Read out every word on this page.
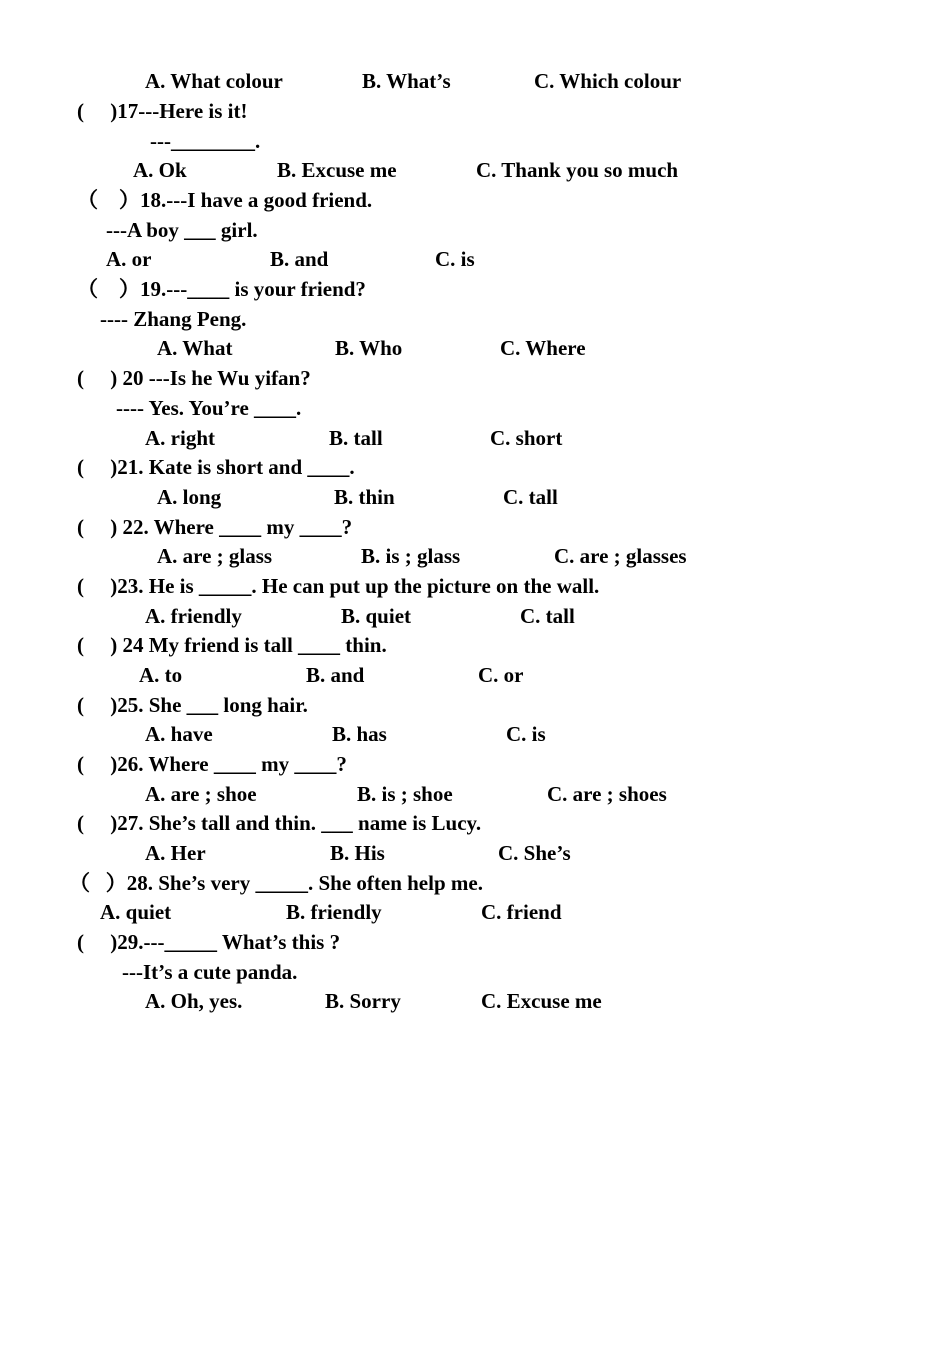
A. What colour	B. What’s	C. Which colour
(     )17---Here is it!
---________.
A. Ok	B. Excuse me	C. Thank you so much
（    ）18.---I have a good friend.
---A boy ___ girl.
A. or	B. and	C. is
（    ）19.---____ is your friend?
---- Zhang Peng.
A. What	B. Who	C. Where
(     ) 20 ---Is he Wu yifan?
---- Yes. You’re ____.
A. right	B. tall	C. short
(     )21. Kate is short and ____.
A. long	B. thin	C. tall
(     ) 22. Where ____ my ____?
A. are ; glass	B. is ; glass	C. are ; glasses
(     )23. He is _____. He can put up the picture on the wall.
A. friendly	B. quiet	C. tall
(     ) 24 My friend is tall ____ thin.
A. to	B. and	C. or
(     )25. She ___ long hair.
A. have	B. has	C. is
(     )26. Where ____ my ____?
A. are ; shoe	B. is ; shoe	C. are ; shoes
(     )27. She’s tall and thin. ___ name is Lucy.
A. Her	B. His	C. She’s
（   ）28. She’s very _____. She often help me.
A. quiet	B. friendly	C. friend
(     )29.---_____ What’s this ?
---It’s a cute panda.
A. Oh, yes.	B. Sorry	C. Excuse me
